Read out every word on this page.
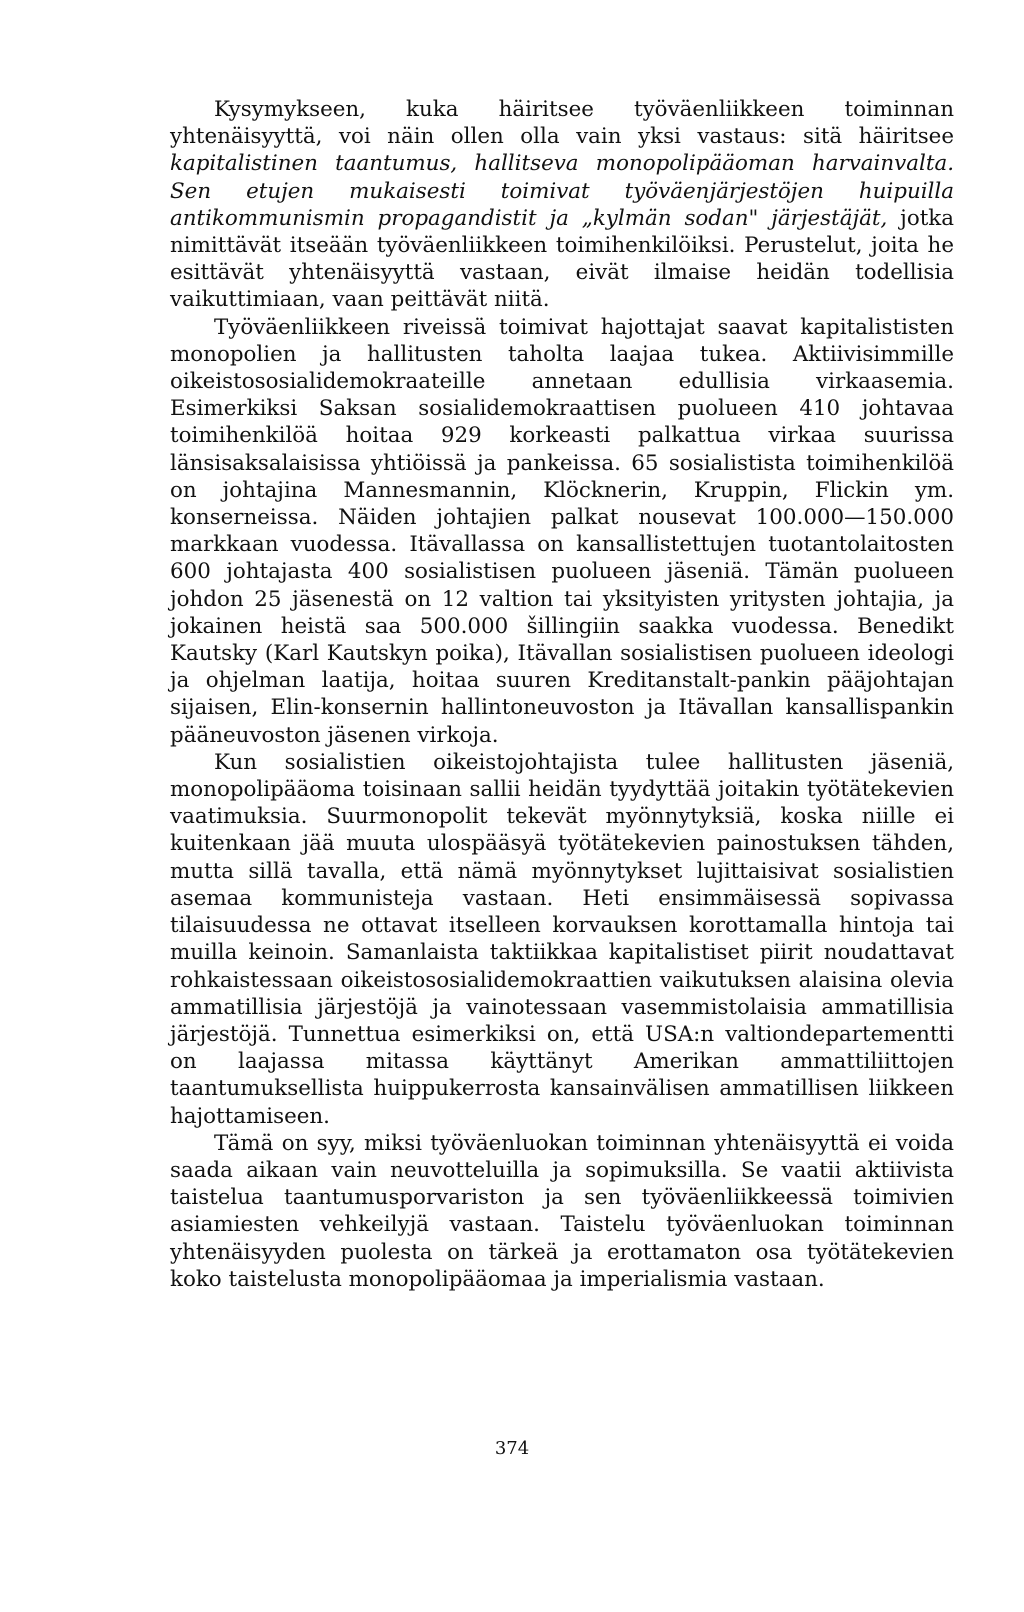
Kysymykseen, kuka häiritsee työväenliikkeen toiminnan yhtenäisyyttä, voi näin ollen olla vain yksi vastaus: sitä häiritsee kapitalistinen taantumus, hallitseva monopolipääoman harvainvalta. Sen etujen mukaisesti toimivat työväenjärjestöjen huipuilla antikommunismin propagandistit ja „kylmän sodan" järjestäjät, jotka nimittävät itseään työväenliikkeen toimihenkilöiksi. Perustelut, joita he esittävät yhtenäisyyttä vastaan, eivät ilmaise heidän todellisia vaikuttimiaan, vaan peittävät niitä.

Työväenliikkeen riveissä toimivat hajottajat saavat kapitalististen monopolien ja hallitusten taholta laajaa tukea. Aktiivisimmille oikeistososialidemokraateille annetaan edullisia virkaasemia. Esimerkiksi Saksan sosialidemokraattisen puolueen 410 johtavaa toimihenkilöä hoitaa 929 korkeasti palkattua virkaa suurissa länsisaksalaisissa yhtiöissä ja pankeissa. 65 sosialistista toimihenkilöä on johtajina Mannesmannin, Klöcknerin, Kruppin, Flickin ym. konserneissa. Näiden johtajien palkat nousevat 100.000—150.000 markkaan vuodessa. Itävallassa on kansallistettujen tuotantolaitosten 600 johtajasta 400 sosialistisen puolueen jäseniä. Tämän puolueen johdon 25 jäsenestä on 12 valtion tai yksityisten yritysten johtajia, ja jokainen heistä saa 500.000 šillingiin saakka vuodessa. Benedikt Kautsky (Karl Kautskyn poika), Itävallan sosialistisen puolueen ideologi ja ohjelman laatija, hoitaa suuren Kreditanstalt-pankin pääjohtajan sijaisen, Elin-konsernin hallintoneuvoston ja Itävallan kansallispankin pääneuvoston jäsenen virkoja.

Kun sosialistien oikeistojohtajista tulee hallitusten jäseniä, monopolipääoma toisinaan sallii heidän tyydyttää joitakin työtätekevien vaatimuksia. Suurmonopolit tekevät myönnytyksiä, koska niille ei kuitenkaan jää muuta ulospääsyä työtätekevien painostuksen tähden, mutta sillä tavalla, että nämä myönnytykset lujittaisivat sosialistien asemaa kommunisteja vastaan. Heti ensimmäisessä sopivassa tilaisuudessa ne ottavat itselleen korvauksen korottamalla hintoja tai muilla keinoin. Samanlaista taktiikkaa kapitalistiset piirit noudattavat rohkaistessaan oikeistososialidemokraattien vaikutuksen alaisina olevia ammatillisia järjestöjä ja vainotessaan vasemmistolaisia ammatillisia järjestöjä. Tunnettua esimerkiksi on, että USA:n valtiondepartementti on laajassa mitassa käyttänyt Amerikan ammattiliittojen taantumuksellista huippukerrosta kansainvälisen ammatillisen liikkeen hajottamiseen.

Tämä on syy, miksi työväenluokan toiminnan yhtenäisyyttä ei voida saada aikaan vain neuvotteluilla ja sopimuksilla. Se vaatii aktiivista taistelua taantumusporvariston ja sen työväenliikkeessä toimivien asiamiesten vehkeilyjä vastaan. Taistelu työväenluokan toiminnan yhtenäisyyden puolesta on tärkeä ja erottamaton osa työtätekevien koko taistelusta monopolipääomaa ja imperialismia vastaan.

374
